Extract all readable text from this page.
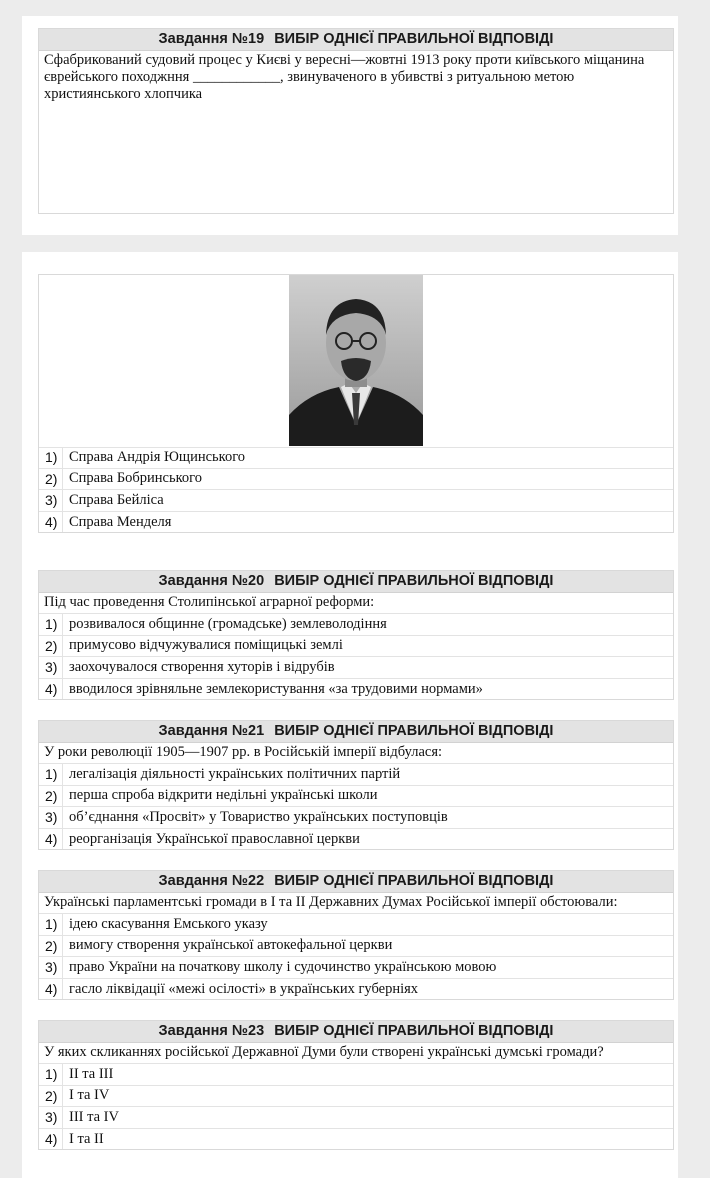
Завдання №19 ВИБІР ОДНІЄЇ ПРАВИЛЬНОЇ ВІДПОВІДІ
Сфабрикований судовий процес у Києві у вересні—жовтні 1913 року проти київського міщанина єврейського походжння ____________, звинуваченого в убивстві з ритуальною метою християнського хлопчика
1) Справа Андрія Ющинського
2) Справа Бобринського
3) Справа Бейліса
4) Справа Менделя
Завдання №20 ВИБІР ОДНІЄЇ ПРАВИЛЬНОЇ ВІДПОВІДІ
Під час проведення Столипінської аграрної реформи:
1) розвивалося общинне (громадське) землеволодіння
2) примусово відчужувалися поміщицькі землі
3) заохочувалося створення хуторів і відрубів
4) вводилося зрівняльне землекористування «за трудовими нормами»
Завдання №21 ВИБІР ОДНІЄЇ ПРАВИЛЬНОЇ ВІДПОВІДІ
У роки революції 1905—1907 рр. в Російській імперії відбулася:
1) легалізація діяльності українських політичних партій
2) перша спроба відкрити недільні українські школи
3) об’єднання «Просвіт» у Товариство українських поступовців
4) реорганізація Української православної церкви
Завдання №22 ВИБІР ОДНІЄЇ ПРАВИЛЬНОЇ ВІДПОВІДІ
Українські парламентські громади в І та ІІ Державних Думах Російської імперії обстоювали:
1) ідею скасування Емського указу
2) вимогу створення української автокефальної церкви
3) право України на початкову школу і судочинство українською мовою
4) гасло ліквідації «межі осілості» в українських губерніях
Завдання №23 ВИБІР ОДНІЄЇ ПРАВИЛЬНОЇ ВІДПОВІДІ
У яких скликаннях російської Державної Думи були створені українські думські громади?
1) ІІ та ІІІ
2) І та IV
3) ІІІ та IV
4) І та ІІ
